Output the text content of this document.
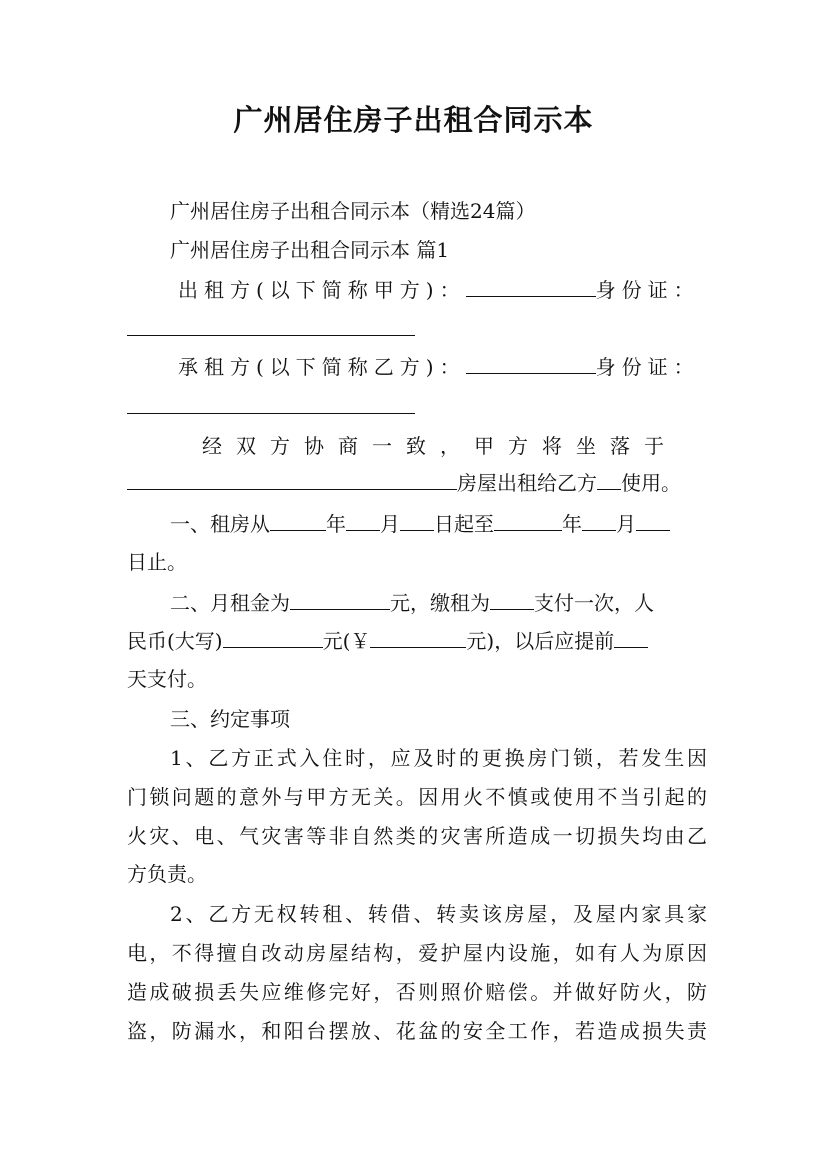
广州居住房子出租合同示本

广州居住房子出租合同示本（精选24篇）

广州居住房子出租合同示本 篇1

出租方(以下简称甲方)：	身份证：

承租方(以下简称乙方)：	身份证：

经双方协商一致，甲方将坐落于

房屋出租给乙方 使用。

一、租房从	年 月 日起至	年 月

日止。

二、月租金为	元，缴租为 支付一次，人

民币(大写)	元(￥	元)，以后应提前

天支付。

三、约定事项

1、乙方正式入住时，应及时的更换房门锁，若发生因

门锁问题的意外与甲方无关。因用火不慎或使用不当引起的

火灾、电、气灾害等非自然类的灾害所造成一切损失均由乙

方负责。

2、乙方无权转租、转借、转卖该房屋，及屋内家具家

电，不得擅自改动房屋结构，爱护屋内设施，如有人为原因

造成破损丢失应维修完好，否则照价赔偿。并做好防火，防

盗，防漏水，和阳台摆放、花盆的安全工作，若造成损失责
